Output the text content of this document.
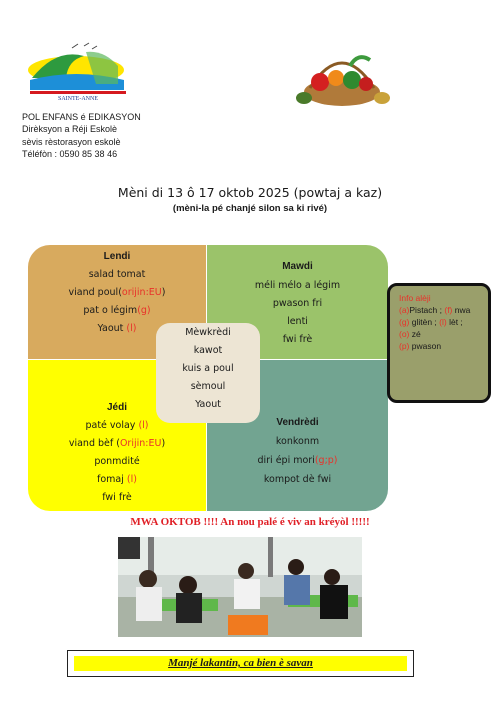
SAINTE-ANNE
POL ENFANS é EDIKASYON
Dirèksyon a Réji Eskolè
sèvis rèstorasyon eskolè
Téléfòn : 0590 85 38 46
Mèni di 13 ô 17 oktob 2025 (powtaj a kaz)
(mèni-la pé chanjé silon sa ki rivé)
Lendi
salad tomat
viand poul(orijin:EU)
pat o légim(g)
Yaout (l)
Mawdi
méli mélo a légim
pwason fri
lenti
fwi frè
Jédi
paté volay (l)
viand bèf (Orijin:EU)
ponmdité
fomaj (l)
fwi frè
Vendrèdi
konkonm
diri épi mori(g;p)
kompot dè fwi
Mèwkrèdi
kawot
kuis a poul
sèmoul
Yaout
Info alèji
(a)Pistach ; (f) nwa
(g) glitèn ; (l) lèt ;
(o) zé
(p) pwason
MWA OKTOB !!!! An nou palé é viv an kréyòl !!!!!
Manjé lakantin, ca bien è savan
